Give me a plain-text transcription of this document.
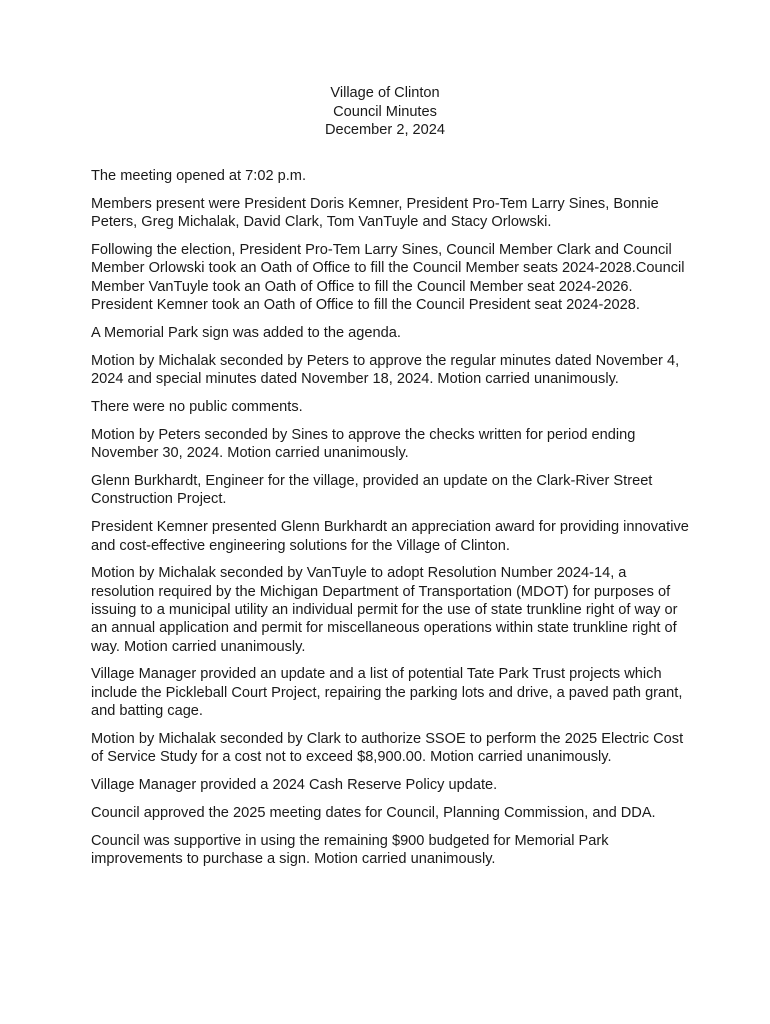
Village of Clinton
Council Minutes
December 2, 2024

The meeting opened at 7:02 p.m.

Members present were President Doris Kemner, President Pro-Tem Larry Sines, Bonnie Peters, Greg Michalak, David Clark, Tom VanTuyle and Stacy Orlowski.

Following the election, President Pro-Tem Larry Sines, Council Member Clark and Council Member Orlowski took an Oath of Office to fill the Council Member seats 2024-2028.Council Member VanTuyle took an Oath of Office to fill the Council Member seat 2024-2026. President Kemner took an Oath of Office to fill the Council President seat 2024-2028.

A Memorial Park sign was added to the agenda.

Motion by Michalak seconded by Peters to approve the regular minutes dated November 4, 2024 and special minutes dated November 18, 2024. Motion carried unanimously.

There were no public comments.

Motion by Peters seconded by Sines to approve the checks written for period ending November 30, 2024. Motion carried unanimously.

Glenn Burkhardt, Engineer for the village, provided an update on the Clark-River Street Construction Project.

President Kemner presented Glenn Burkhardt an appreciation award for providing innovative and cost-effective engineering solutions for the Village of Clinton.

Motion by Michalak seconded by VanTuyle to adopt Resolution Number 2024-14, a resolution required by the Michigan Department of Transportation (MDOT) for purposes of issuing to a municipal utility an individual permit for the use of state trunkline right of way or an annual application and permit for miscellaneous operations within state trunkline right of way. Motion carried unanimously.

Village Manager provided an update and a list of potential Tate Park Trust projects which include the Pickleball Court Project, repairing the parking lots and drive, a paved path grant, and batting cage.

Motion by Michalak seconded by Clark to authorize SSOE to perform the 2025 Electric Cost of Service Study for a cost not to exceed $8,900.00. Motion carried unanimously.

Village Manager provided a 2024 Cash Reserve Policy update.

Council approved the 2025 meeting dates for Council, Planning Commission, and DDA.

Council was supportive in using the remaining $900 budgeted for Memorial Park improvements to purchase a sign. Motion carried unanimously.
